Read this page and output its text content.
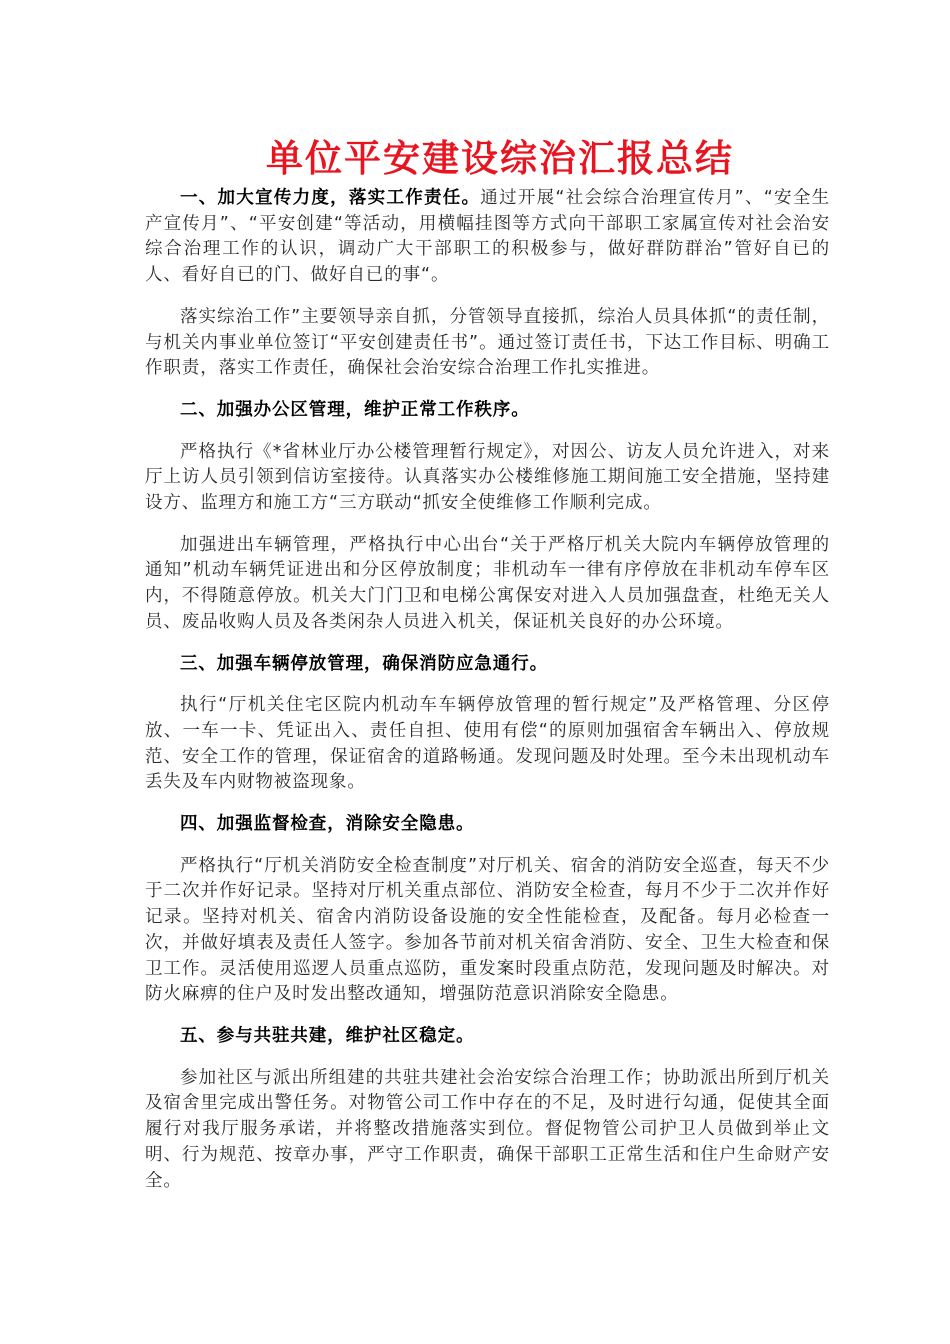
单位平安建设综治汇报总结

一、加大宣传力度，落实工作责任。通过开展“社会综合治理宣传月”、“安全生产宣传月”、“平安创建“等活动，用横幅挂图等方式向干部职工家属宣传对社会治安综合治理工作的认识，调动广大干部职工的积极参与，做好群防群治”管好自已的人、看好自已的门、做好自已的事“。

落实综治工作”主要领导亲自抓，分管领导直接抓，综治人员具体抓“的责任制，与机关内事业单位签订“平安创建责任书”。通过签订责任书，下达工作目标、明确工作职责，落实工作责任，确保社会治安综合治理工作扎实推进。

二、加强办公区管理，维护正常工作秩序。

严格执行《*省林业厅办公楼管理暂行规定》，对因公、访友人员允许进入，对来厅上访人员引领到信访室接待。认真落实办公楼维修施工期间施工安全措施，坚持建设方、监理方和施工方“三方联动“抓安全使维修工作顺利完成。

加强进出车辆管理，严格执行中心出台“关于严格厅机关大院内车辆停放管理的通知”机动车辆凭证进出和分区停放制度；非机动车一律有序停放在非机动车停车区内，不得随意停放。机关大门门卫和电梯公寓保安对进入人员加强盘查，杜绝无关人员、废品收购人员及各类闲杂人员进入机关，保证机关良好的办公环境。

三、加强车辆停放管理，确保消防应急通行。

执行“厅机关住宅区院内机动车车辆停放管理的暂行规定”及严格管理、分区停放、一车一卡、凭证出入、责任自担、使用有偿“的原则加强宿舍车辆出入、停放规范、安全工作的管理，保证宿舍的道路畅通。发现问题及时处理。至今未出现机动车丢失及车内财物被盗现象。

四、加强监督检查，消除安全隐患。

严格执行“厅机关消防安全检查制度”对厅机关、宿舍的消防安全巡查，每天不少于二次并作好记录。坚持对厅机关重点部位、消防安全检查，每月不少于二次并作好记录。坚持对机关、宿舍内消防设备设施的安全性能检查，及配备。每月必检查一次，并做好填表及责任人签字。参加各节前对机关宿舍消防、安全、卫生大检查和保卫工作。灵活使用巡逻人员重点巡防，重发案时段重点防范，发现问题及时解决。对防火麻痹的住户及时发出整改通知，增强防范意识消除安全隐患。

五、参与共驻共建，维护社区稳定。

参加社区与派出所组建的共驻共建社会治安综合治理工作；协助派出所到厅机关及宿舍里完成出警任务。对物管公司工作中存在的不足，及时进行勾通，促使其全面履行对我厅服务承诺，并将整改措施落实到位。督促物管公司护卫人员做到举止文明、行为规范、按章办事，严守工作职责，确保干部职工正常生活和住户生命财产安全。
